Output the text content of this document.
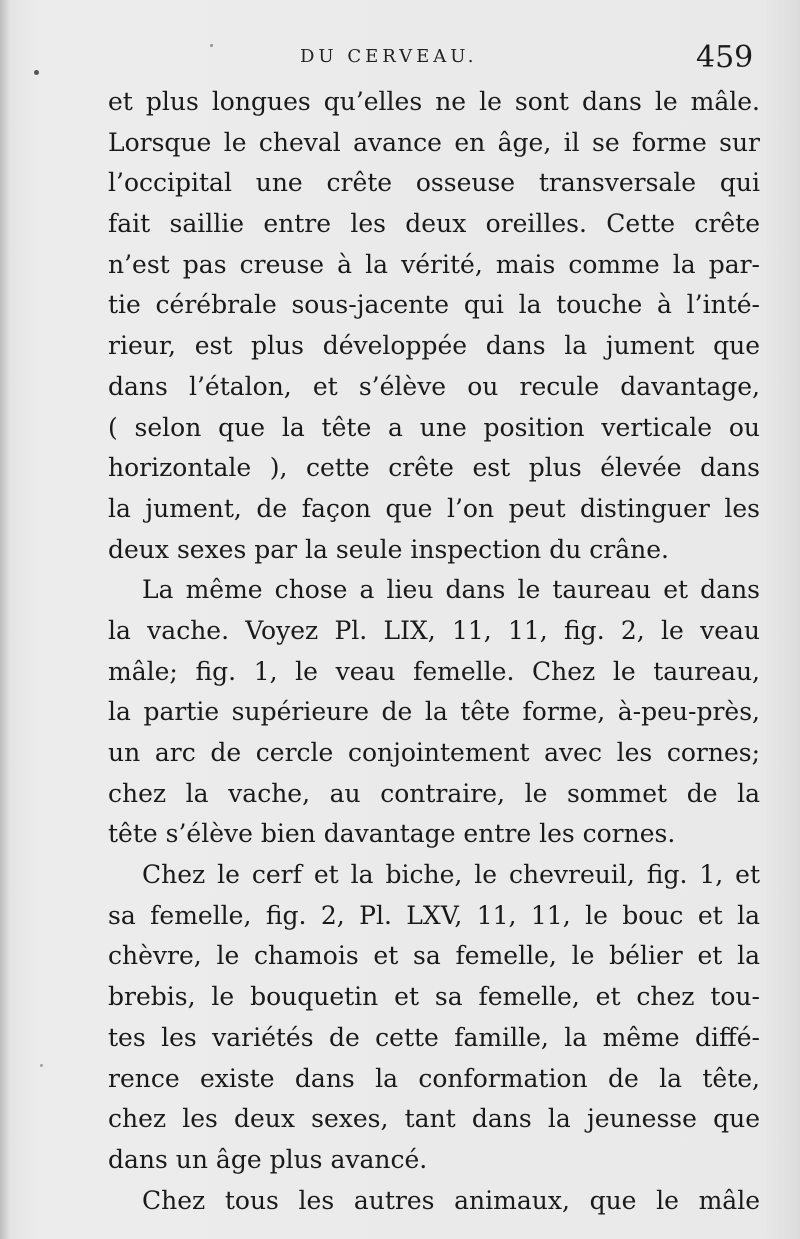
DU CERVEAU.	459
et plus longues qu’elles ne le sont dans le mâle.
Lorsque le cheval avance en âge, il se forme sur
l’occipital une crête osseuse transversale qui
fait saillie entre les deux oreilles. Cette crête
n’est pas creuse à la vérité, mais comme la par-
tie cérébrale sous-jacente qui la touche à l’inté-
rieur, est plus développée dans la jument que
dans l’étalon, et s’élève ou recule davantage,
( selon que la tête a une position verticale ou
horizontale ), cette crête est plus élevée dans
la jument, de façon que l’on peut distinguer les
deux sexes par la seule inspection du crâne.
La même chose a lieu dans le taureau et dans
la vache. Voyez Pl. LIX, 11, 11, fig. 2, le veau
mâle; fig. 1, le veau femelle. Chez le taureau,
la partie supérieure de la tête forme, à-peu-près,
un arc de cercle conjointement avec les cornes;
chez la vache, au contraire, le sommet de la
tête s’élève bien davantage entre les cornes.
Chez le cerf et la biche, le chevreuil, fig. 1, et
sa femelle, fig. 2, Pl. LXV, 11, 11, le bouc et la
chèvre, le chamois et sa femelle, le bélier et la
brebis, le bouquetin et sa femelle, et chez tou-
tes les variétés de cette famille, la même diffé-
rence existe dans la conformation de la tête,
chez les deux sexes, tant dans la jeunesse que
dans un âge plus avancé.
Chez tous les autres animaux, que le mâle
